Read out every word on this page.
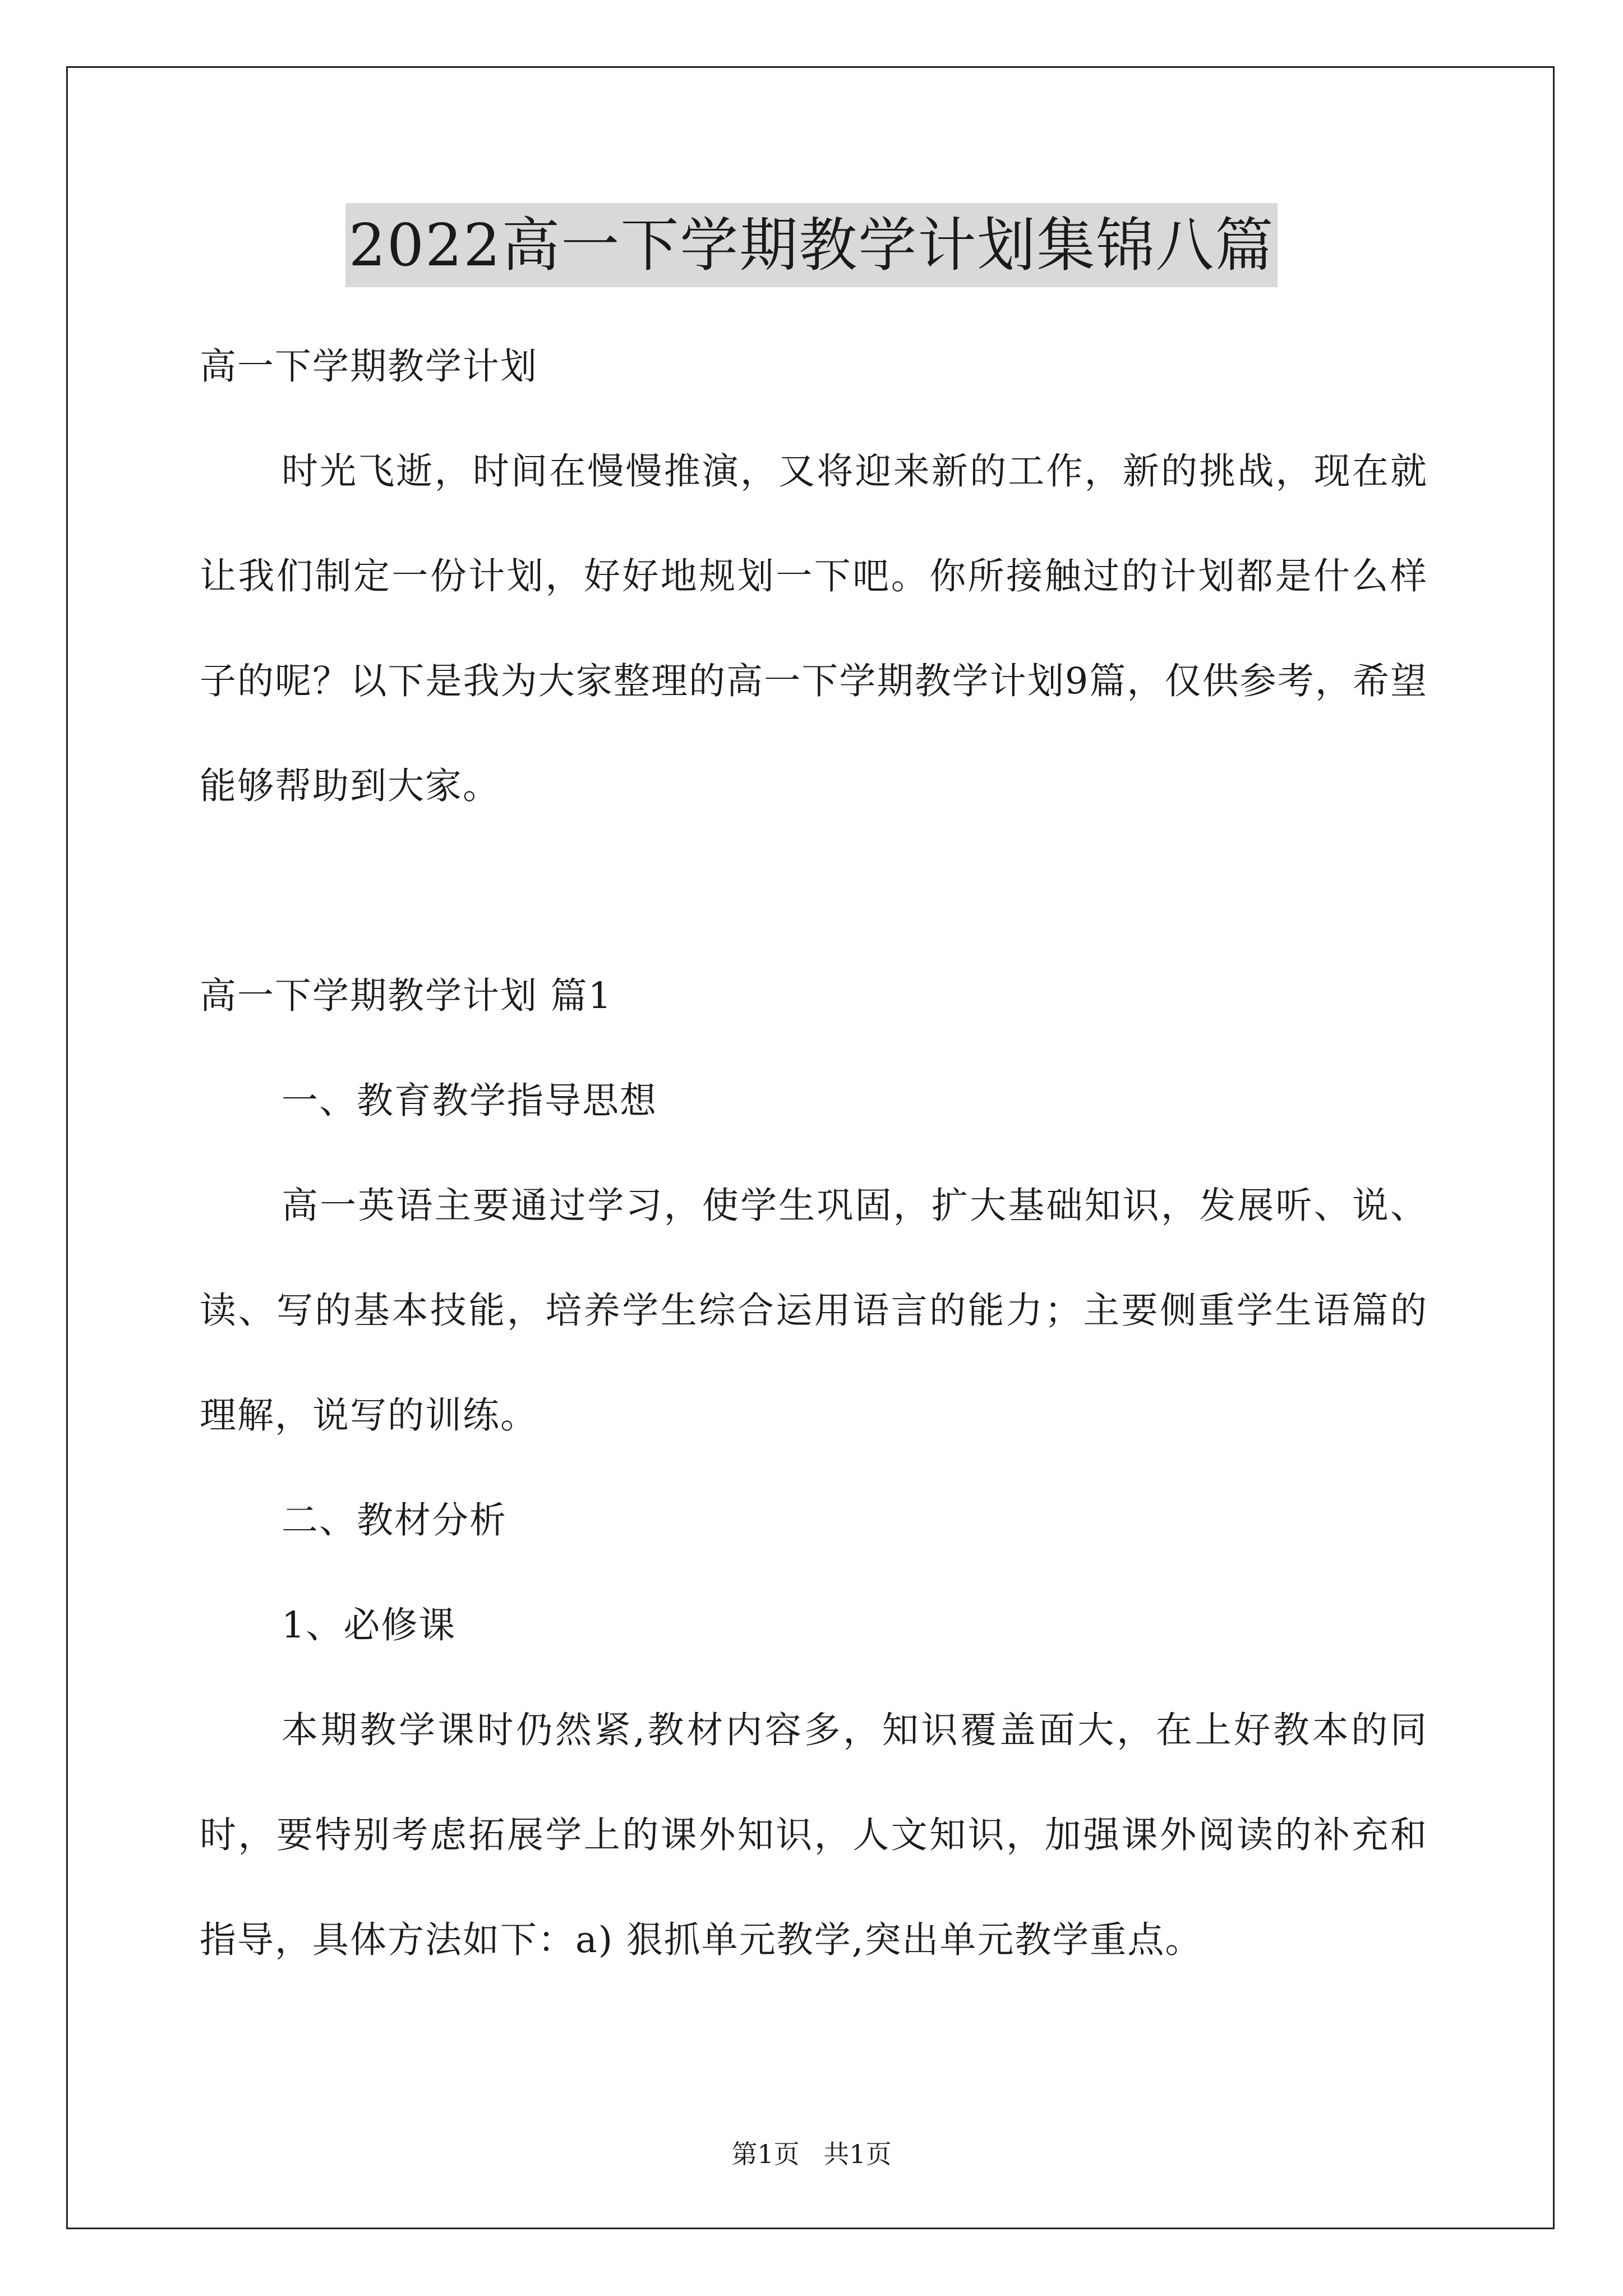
2022高一下学期教学计划集锦八篇

高一下学期教学计划

时光飞逝，时间在慢慢推演，又将迎来新的工作，新的挑战，现在就让我们制定一份计划，好好地规划一下吧。你所接触过的计划都是什么样子的呢？以下是我为大家整理的高一下学期教学计划9篇，仅供参考，希望能够帮助到大家。

高一下学期教学计划 篇1

一、教育教学指导思想

高一英语主要通过学习，使学生巩固，扩大基础知识，发展听、说、读、写的基本技能，培养学生综合运用语言的能力；主要侧重学生语篇的理解，说写的训练。

二、教材分析

1、必修课

本期教学课时仍然紧,教材内容多，知识覆盖面大，在上好教本的同时，要特别考虑拓展学上的课外知识，人文知识，加强课外阅读的补充和指导，具体方法如下：a) 狠抓单元教学,突出单元教学重点。

第1页 共1页
